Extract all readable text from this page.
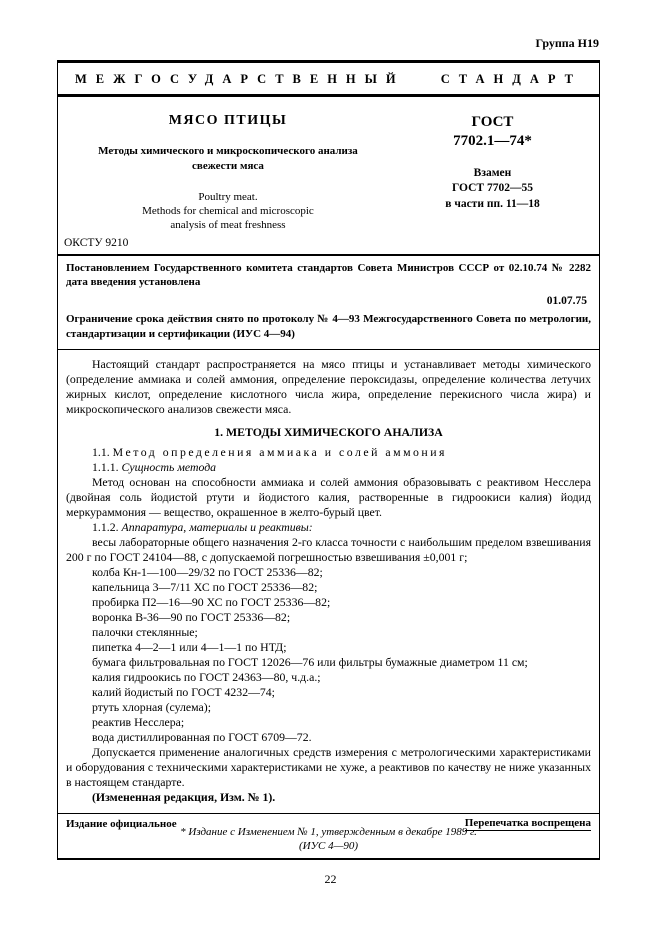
Группа Н19
МЕЖГОСУДАРСТВЕННЫЙ СТАНДАРТ
МЯСО ПТИЦЫ
Методы химического и микроскопического анализа
свежести мяса
Poultry meat.
Methods for chemical and microscopic
analysis of meat freshness
ГОСТ
7702.1—74*
Взамен
ГОСТ 7702—55
в части пп. 11—18
ОКСТУ 9210
Постановлением Государственного комитета стандартов Совета Министров СССР от 02.10.74 № 2282 дата введения установлена
01.07.75
Ограничение срока действия снято по протоколу № 4—93 Межгосударственного Совета по метрологии, стандартизации и сертификации (ИУС 4—94)
Настоящий стандарт распространяется на мясо птицы и устанавливает методы химического (определение аммиака и солей аммония, определение пероксидазы, определение количества летучих жирных кислот, определение кислотного числа жира, определение перекисного числа жира) и микроскопического анализов свежести мяса.
1. МЕТОДЫ ХИМИЧЕСКОГО АНАЛИЗА
1.1. Метод определения аммиака и солей аммония
1.1.1. Сущность метода
Метод основан на способности аммиака и солей аммония образовывать с реактивом Несслера (двойная соль йодистой ртути и йодистого калия, растворенные в гидроокиси калия) йодид меркураммония — вещество, окрашенное в желто-бурый цвет.
1.1.2. Аппаратура, материалы и реактивы:
весы лабораторные общего назначения 2-го класса точности с наибольшим пределом взвешивания 200 г по ГОСТ 24104—88, с допускаемой погрешностью взвешивания ±0,001 г;
колба Кн-1—100—29/32 по ГОСТ 25336—82;
капельница 3—7/11 ХС по ГОСТ 25336—82;
пробирка П2—16—90 ХС по ГОСТ 25336—82;
воронка В-36—90 по ГОСТ 25336—82;
палочки стеклянные;
пипетка 4—2—1 или 4—1—1 по НТД;
бумага фильтровальная по ГОСТ 12026—76 или фильтры бумажные диаметром 11 см;
калия гидроокись по ГОСТ 24363—80, ч.д.а.;
калий йодистый по ГОСТ 4232—74;
ртуть хлорная (сулема);
реактив Несслера;
вода дистиллированная по ГОСТ 6709—72.
Допускается применение аналогичных средств измерения с метрологическими характеристиками и оборудования с техническими характеристиками не хуже, а реактивов по качеству не ниже указанных в настоящем стандарте.
(Измененная редакция, Изм. № 1).
Издание официальное	Перепечатка воспрещена
* Издание с Изменением № 1, утвержденным в декабре 1989 г.
(ИУС 4—90)
22
